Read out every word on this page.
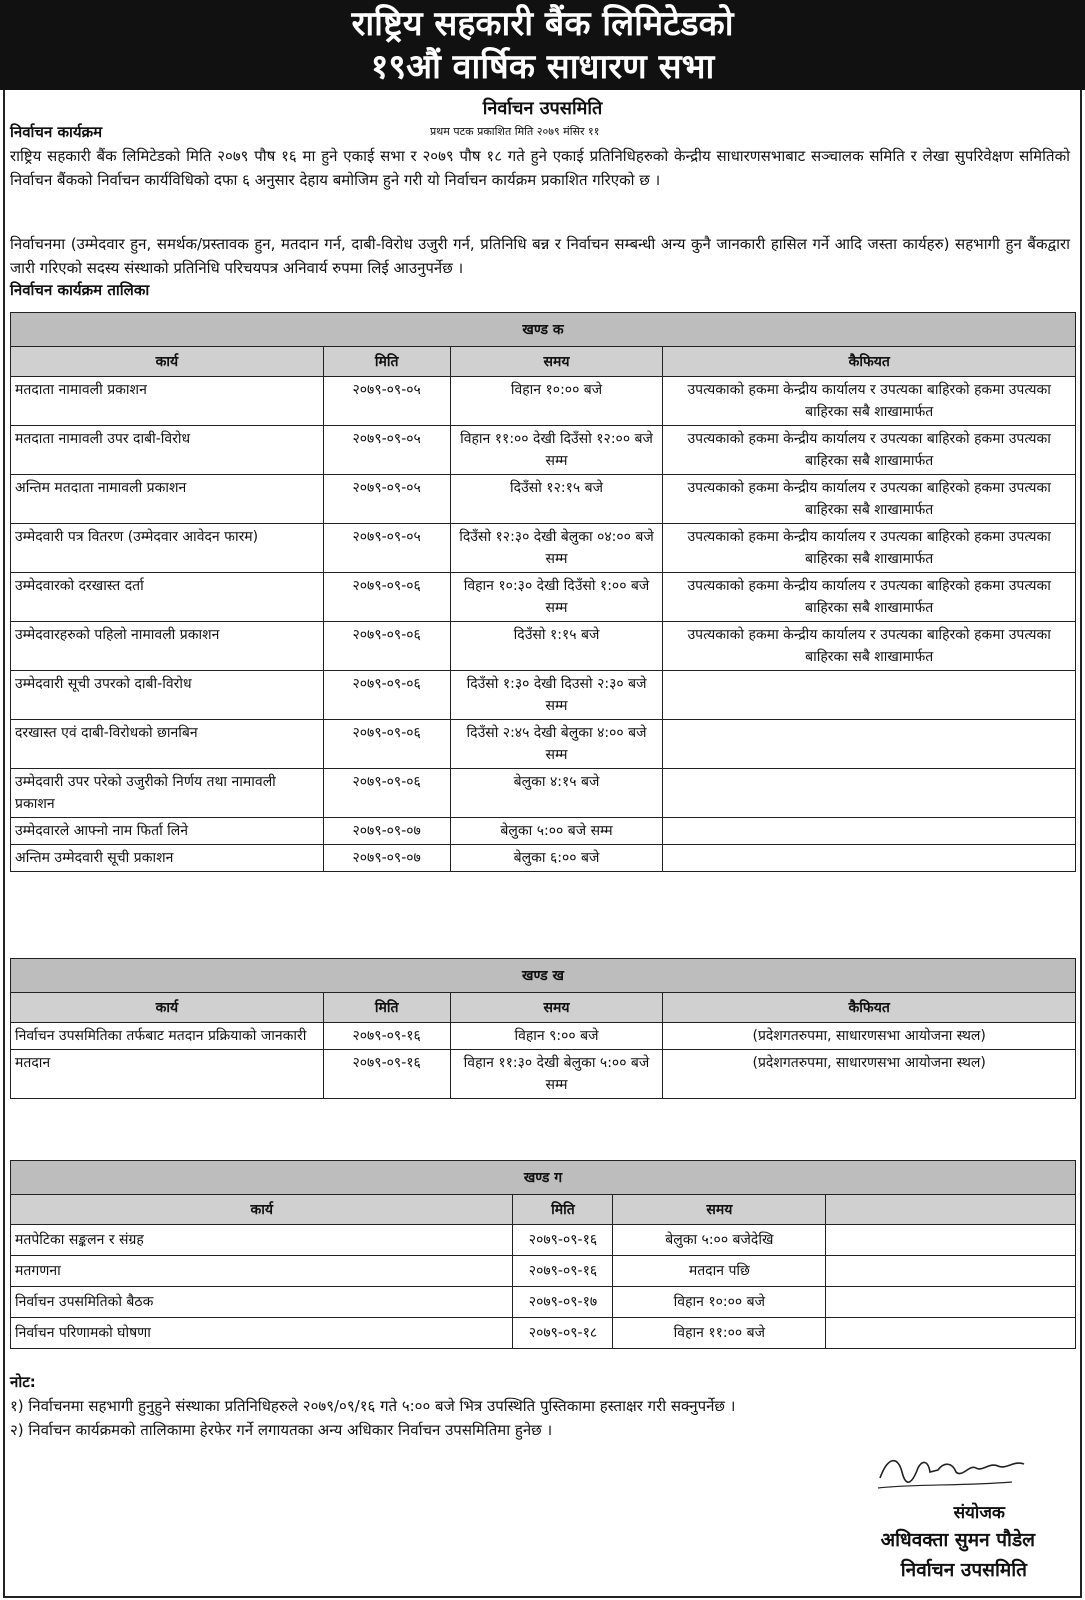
राष्ट्रिय सहकारी बैंक लिमिटेडको
१९औं वार्षिक साधारण सभा
निर्वाचन उपसमिति
प्रथम पटक प्रकाशित मिति २०७९ मंसिर ११
निर्वाचन कार्यक्रम
राष्ट्रिय सहकारी बैंक लिमिटेडको मिति २०७९ पौष १६ मा हुने एकाई सभा र २०७९ पौष १८ गते हुने एकाई प्रतिनिधिहरुको केन्द्रीय साधारणसभाबाट सञ्चालक समिति र लेखा सुपरिवेक्षण समितिको निर्वाचन बैंकको निर्वाचन कार्यविधिको दफा ६ अनुसार देहाय बमोजिम हुने गरी यो निर्वाचन कार्यक्रम प्रकाशित गरिएको छ ।
निर्वाचनमा (उम्मेदवार हुन, समर्थक/प्रस्तावक हुन, मतदान गर्न, दाबी-विरोध उजुरी गर्न, प्रतिनिधि बन्न र निर्वाचन सम्बन्धी अन्य कुनै जानकारी हासिल गर्ने आदि जस्ता कार्यहरु) सहभागी हुन बैंकद्वारा जारी गरिएको सदस्य संस्थाको प्रतिनिधि परिचयपत्र अनिवार्य रुपमा लिई आउनुपर्नेछ ।
निर्वाचन कार्यक्रम तालिका
खण्ड क			
कार्य	मिति	समय	कैफियत
मतदाता नामावली प्रकाशन	२०७९-०९-०५	विहान १०:०० बजे	उपत्यकाको हकमा केन्द्रीय कार्यालय र उपत्यका बाहिरको हकमा उपत्यका बाहिरका सबै शाखामार्फत
मतदाता नामावली उपर दाबी-विरोध	२०७९-०९-०५	विहान ११:०० देखी दिउँसो १२:०० बजे सम्म	उपत्यकाको हकमा केन्द्रीय कार्यालय र उपत्यका बाहिरको हकमा उपत्यका बाहिरका सबै शाखामार्फत
अन्तिम मतदाता नामावली प्रकाशन	२०७९-०९-०५	दिउँसो १२:१५ बजे	उपत्यकाको हकमा केन्द्रीय कार्यालय र उपत्यका बाहिरको हकमा उपत्यका बाहिरका सबै शाखामार्फत
उम्मेदवारी पत्र वितरण (उम्मेदवार आवेदन फारम)	२०७९-०९-०५	दिउँसो १२:३० देखी बेलुका ०४:०० बजे सम्म	उपत्यकाको हकमा केन्द्रीय कार्यालय र उपत्यका बाहिरको हकमा उपत्यका बाहिरका सबै शाखामार्फत
उम्मेदवारको दरखास्त दर्ता	२०७९-०९-०६	विहान १०:३० देखी दिउँसो १:०० बजे सम्म	उपत्यकाको हकमा केन्द्रीय कार्यालय र उपत्यका बाहिरको हकमा उपत्यका बाहिरका सबै शाखामार्फत
उम्मेदवारहरुको पहिलो नामावली प्रकाशन	२०७९-०९-०६	दिउँसो १:१५ बजे	उपत्यकाको हकमा केन्द्रीय कार्यालय र उपत्यका बाहिरको हकमा उपत्यका बाहिरका सबै शाखामार्फत
उम्मेदवारी सूची उपरको दाबी-विरोध	२०७९-०९-०६	दिउँसो १:३० देखी दिउसो २:३० बजे सम्म	
दरखास्त एवं दाबी-विरोधको छानबिन	२०७९-०९-०६	दिउँसो २:४५ देखी बेलुका ४:०० बजे सम्म	
उम्मेदवारी उपर परेको उजुरीको निर्णय तथा नामावली प्रकाशन	२०७९-०९-०६	बेलुका ४:१५ बजे	
उम्मेदवारले आफ्नो नाम फिर्ता लिने	२०७९-०९-०७	बेलुका ५:०० बजे सम्म	
अन्तिम उम्मेदवारी सूची प्रकाशन	२०७९-०९-०७	बेलुका ६:०० बजे	
खण्ड ख			
कार्य	मिति	समय	कैफियत
निर्वाचन उपसमितिका तर्फबाट मतदान प्रक्रियाको जानकारी	२०७९-०९-१६	विहान ९:०० बजे	(प्रदेशगतरुपमा, साधारणसभा आयोजना स्थल)
मतदान	२०७९-०९-१६	विहान ११:३० देखी बेलुका ५:०० बजे सम्म	(प्रदेशगतरुपमा, साधारणसभा आयोजना स्थल)
खण्ड ग			
कार्य	मिति	समय	
मतपेटिका सङ्कलन र संग्रह	२०७९-०९-१६	बेलुका ५:०० बजेदेखि	
मतगणना	२०७९-०९-१६	मतदान पछि	
निर्वाचन उपसमितिको बैठक	२०७९-०९-१७	विहान १०:०० बजे	
निर्वाचन परिणामको घोषणा	२०७९-०९-१८	विहान ११:०० बजे	
नोट:
१) निर्वाचनमा सहभागी हुनुहुने संस्थाका प्रतिनिधिहरुले २०७९/०९/१६ गते ५:०० बजे भित्र उपस्थिति पुस्तिकामा हस्ताक्षर गरी सक्नुपर्नेछ ।
२) निर्वाचन कार्यक्रमको तालिकामा हेरफेर गर्ने लगायतका अन्य अधिकार निर्वाचन उपसमितिमा हुनेछ ।
संयोजक
अधिवक्ता सुमन पौडेल
निर्वाचन उपसमिति
